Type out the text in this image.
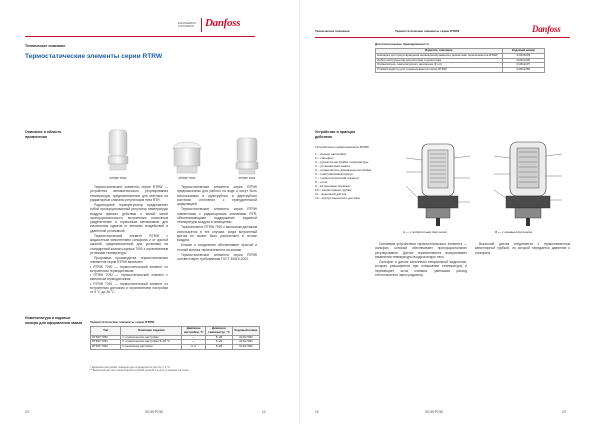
ENGINEERING
TOMORROW	Danfoss
Техническое описание
Термостатические элементы серии RTRW
Описание и область применения
RTRW 7090	RTRW 7092	RTRW 7091

Термостатические элементы серии RTRW — устройства автоматического регулирования температуры, предназначенные для монтажа на радиаторные клапаны регуляторов типа RTR.

Радиаторный терморегулятор представляет собой пропорциональный регулятор температуры воздуха прямого действия с малой зоной пропорциональности, встроенным плиточным разделителем и тормозным механизмом для исключения сдвигов от внешних воздействий и удаленной установкой.

Термостатический элемент RTRW с жидкостным заполнением сильфона и от крытой шкалой, предназначенный для установки на стандартный клапан корпуса 7090 с ограничением установки температуры

Программа производства термостатических элементов серии RTRW включает:

• RTRW 7090 — термостатический элемент со встроенным термодатчиком;

• RTRW 7092 — термостатический элемент с выносным термодатчиком;

• RTRW 7091 — термостатический элемент со встроенным датчиком и ограничением настройки от 5 °C до 26 °C.

Термостатические элементы серии RTRW предназначены для работы на воде и могут быть использованы в однотрубных и двухтрубных системах отопления с принудительной циркуляцией.

Термостатические элементы серии RTRW совместимы с радиаторными клапанами RTR, обеспечивающими поддержание заданной температуры воздуха в помещении.

Термоэлемент RTRW 7092 с выносным датчиком используется в тех случаях, когда встроенный датчик не может быть расположен в потоке воздуха.

Клапан и соединение обеспечивают простой и точный монтаж термоэлемента на клапан.

Термостатические элементы серии RTRW соответствуют требованиям ГОСТ 30815-2002.

Номенклатура и кодовые номера для оформления заказа	Термостатические элементы серии RTRW
Тип	Описание изделия	Диапазон настройки, °C	Диапазон температур, °C	Кодовый номер
RTRW 7090	С ограничением настройки	—	8–28	013G7090
RTRW 7091	С ограничением настройки 5–26 °C	—	5–26	013G7091
RTRW 7092	С выносным датчиком	0–2	8–28	013G7092
* Диапазон настройки температуры определяется при Xp = 2 °C.
** Выносной датчик с капиллярной трубкой длиной 2 м для установки на стене.
2/7	VD.55.P2.50	10
Техническое описание	Термостатические элементы серии RTRW	Danfoss
Дополнительные принадлежности
Изделие, описание	Кодовый номер
Накладка для предотвращения несанкционированного демонтажа термоэлемента RTRW	013G5245
Набор инструментов для монтажа и демонтажа	013G1236
Ограничитель температурного диапазона (3 шт.)	013G1237
Угловой адаптер для термоэлементов серии RTRW	013G1350
Устройство и принцип действия
Устройство термоэлемента RTRW
1 – кольцо настройки;
2 – сильфон;
3 – рукоятка настройки температуры;
4 – установочная шкала;
5 – ограничитель диапазона настройки;
6 – пластмассовый корпус;
7 – термостатический элемент;
8 – шток;
9 – встроенная пружина;
10 – капиллярная трубка;
11 – выносной датчик;
12 – корпус выносного датчика.
А — с жидкостным датчиком	В — с газовым датчиком

Основным устройством термостатического элемента — сильфон, который обеспечивает пропорциональное регулирование. Датчик термоэлемента воспринимает изменения температуры воздуха вокруг него.

Сильфон и датчик заполнены специальной жидкостью, которая расширяется при повышении температуры и перемещает шток клапана, уменьшая расход теплоносителя через радиатор.

Выносной датчик соединяется с термоэлементом капиллярной трубкой, по которой передается давление к сильфону.

16	VD.55.P2.50	2/7
